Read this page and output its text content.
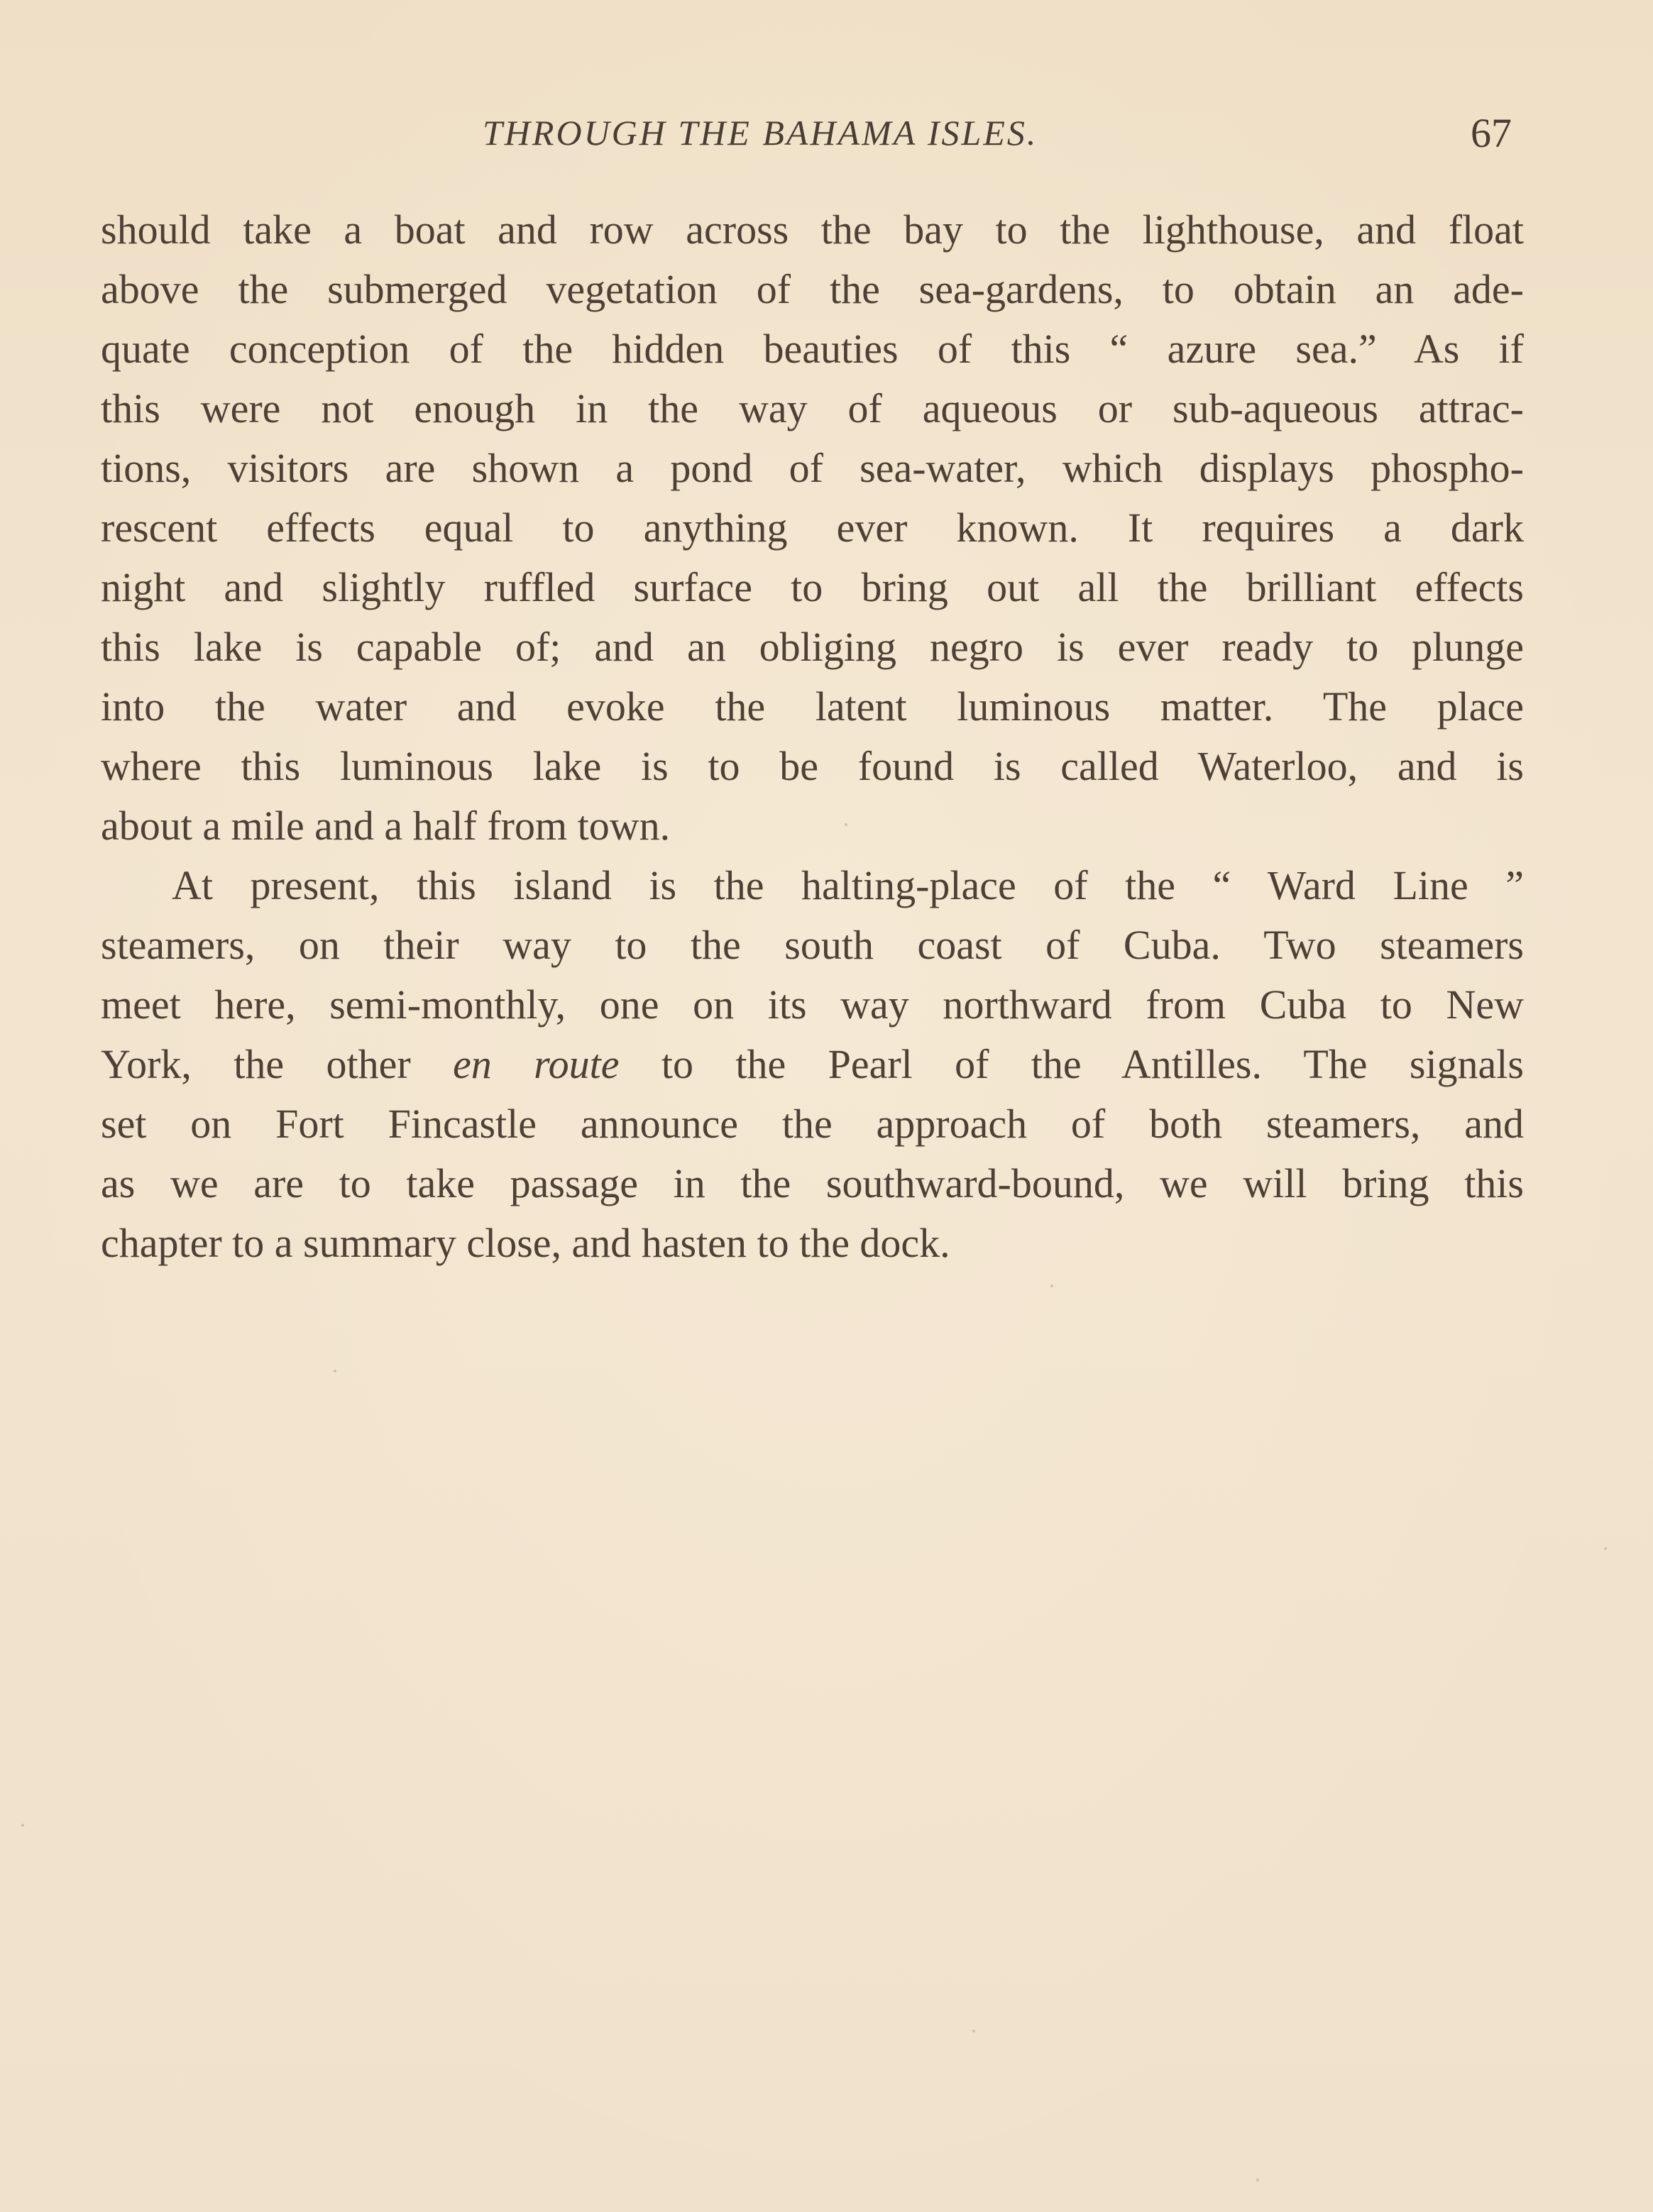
THROUGH THE BAHAMA ISLES.	67
should take a boat and row across the bay to the lighthouse, and float
above the submerged vegetation of the sea-gardens, to obtain an ade-
quate conception of the hidden beauties of this “ azure sea.” As if
this were not enough in the way of aqueous or sub-aqueous attrac-
tions, visitors are shown a pond of sea-water, which displays phospho-
rescent effects equal to anything ever known. It requires a dark
night and slightly ruffled surface to bring out all the brilliant effects
this lake is capable of; and an obliging negro is ever ready to plunge
into the water and evoke the latent luminous matter. The place
where this luminous lake is to be found is called Waterloo, and is
about a mile and a half from town.
At present, this island is the halting-place of the “ Ward Line ”
steamers, on their way to the south coast of Cuba. Two steamers
meet here, semi-monthly, one on its way northward from Cuba to New
York, the other en route to the Pearl of the Antilles. The signals
set on Fort Fincastle announce the approach of both steamers, and
as we are to take passage in the southward-bound, we will bring this
chapter to a summary close, and hasten to the dock.
